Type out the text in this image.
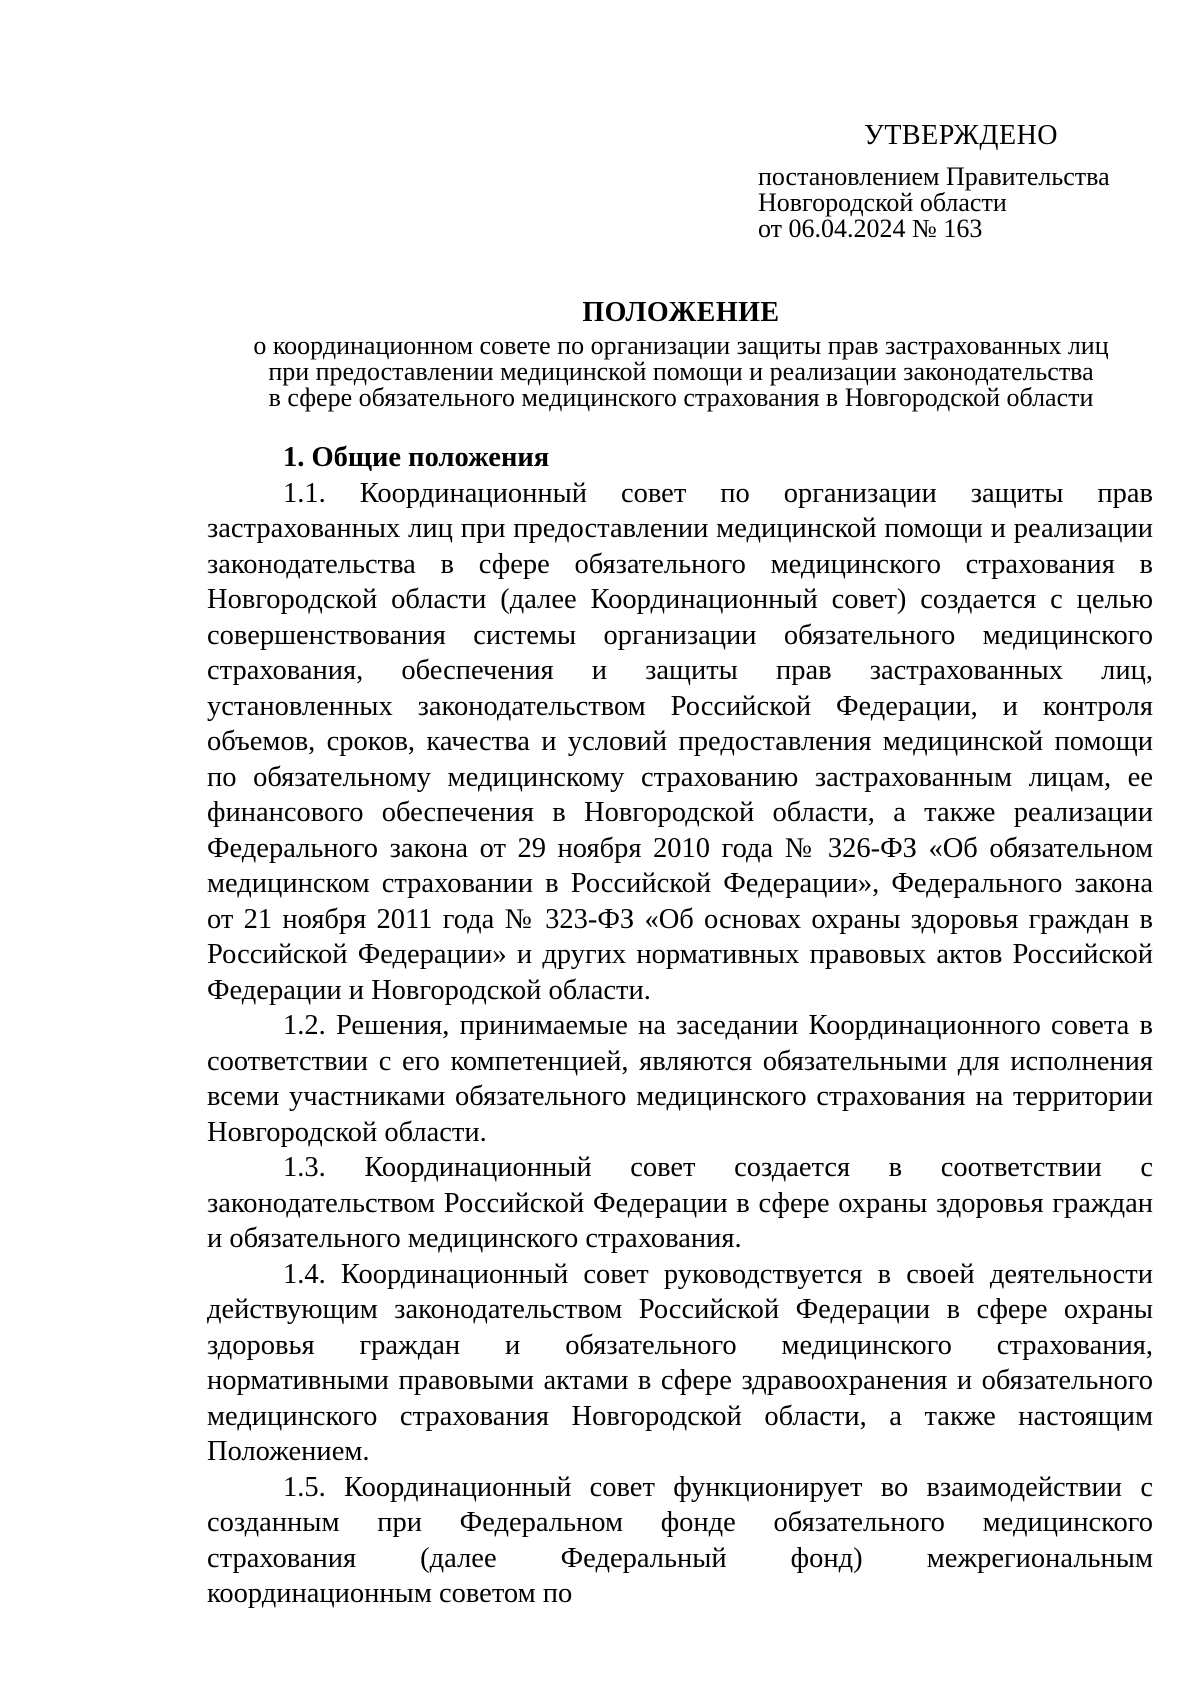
УТВЕРЖДЕНО
постановлением Правительства
Новгородской области
от 06.04.2024 № 163
ПОЛОЖЕНИЕ
о координационном совете по организации защиты прав застрахованных лиц
при предоставлении медицинской помощи и реализации законодательства
в сфере обязательного медицинского страхования в Новгородской области

1. Общие положения

1.1. Координационный совет по организации защиты прав застрахованных лиц при предоставлении медицинской помощи и реализации законодательства в сфере обязательного медицинского страхования в Новгородской области (далее Координационный совет) создается с целью совершенствования системы организации обязательного медицинского страхования, обеспечения и защиты прав застрахованных лиц, установленных законодательством Российской Федерации, и контроля объемов, сроков, качества и условий предоставления медицинской помощи по обязательному медицинскому страхованию застрахованным лицам, ее финансового обеспечения в Новгородской области, а также реализации Федерального закона от 29 ноября 2010 года № 326-ФЗ «Об обязательном медицинском страховании в Российской Федерации», Федерального закона от 21 ноября 2011 года № 323-ФЗ «Об основах охраны здоровья граждан в Российской Федерации» и других нормативных правовых актов Российской Федерации и Новгородской области.

1.2. Решения, принимаемые на заседании Координационного совета в соответствии с его компетенцией, являются обязательными для исполнения всеми участниками обязательного медицинского страхования на территории Новгородской области.

1.3. Координационный совет создается в соответствии с законодательством Российской Федерации в сфере охраны здоровья граждан и обязательного медицинского страхования.

1.4. Координационный совет руководствуется в своей деятельности действующим законодательством Российской Федерации в сфере охраны здоровья граждан и обязательного медицинского страхования, нормативными правовыми актами в сфере здравоохранения и обязательного медицинского страхования Новгородской области, а также настоящим Положением.

1.5. Координационный совет функционирует во взаимодействии с созданным при Федеральном фонде обязательного медицинского страхования (далее Федеральный фонд) межрегиональным координационным советом по
